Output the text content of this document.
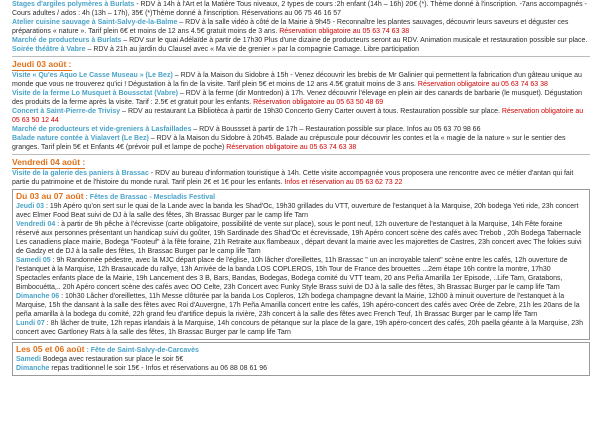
Stages d'argiles polymères à Burlats - RDV à 14h à l'Art et la Matière Tous niveaux, 2 types de cours :2h enfant (14h – 16h) 20€ (*). Thème donné à l'inscription. -7ans accompagnés - Cours adultes / ados : 4h (13h – 17h), 35€ (*)Thème donné à l'inscription. Réservations au 06 75 46 16 57

Atelier cuisine sauvage à Saint-Salvy-de-la-Balme – RDV à la salle vidéo à côté de la Mairie à 9h45 - Reconnaître les plantes sauvages, découvrir leurs saveurs et déguster ces préparations « nature ». Tarif plein 6€ et moins de 12 ans 4.5€ gratuit moins de 3 ans. Réservation obligatoire au 05 63 74 63 38

Marché de producteurs à Burlats – RDV sur le quai Adélaïde à partir de 17h30 Plus d'une dizaine de producteurs seront au RDV. Animation musicale et restauration possible sur place.

Soirée théâtre à Vabre – RDV à 21h au jardin du Clausel avec « Ma vie de grenier » par la compagnie Camage. Libre participation

Jeudi 03 août :

Visite « Qu'es Aquo Le Casse Museau » (Le Bez) – RDV à la Maison du Sidobre à 15h - Venez découvrir les brebis de Mr Galinier qui permettent la fabrication d'un gâteau unique au monde que vous ne trouverez qu'ici ! Dégustation à la fin de la visite. Tarif plein 5€ et moins de 12 ans 4.5€ gratuit moins de 3 ans. Réservation obligatoire au 05 63 74 63 38

Visite de la ferme Lo Musquet à Boussctat (Vabre) – RDV à la ferme (dir Montredon) à 17h. Venez découvrir l'élevage en plein air des canards de barbarie (le musquet). Dégustation des produits de la ferme après la visite. Tarif : 2.5€ et gratuit pour les enfants. Réservation obligatoire au 05 63 50 48 69

Concert à Saint-Pierre-de Trivisy – RDV au restaurant La Bibliotèca à partir de 19h30 Concerto Gerry Carter ouvert à tous. Restauration possible sur place. Réservation obligatoire au 05 63 50 12 44

Marché de producteurs et vide-greniers à Lasfaillades – RDV à Boussset à partir de 17h – Restauration possible sur place. Infos au 05 63 70 98 66

Balade nature contée à Vialavert (Le Bez) – RDV à la Maison du Sidobre à 20h45. Balade au crépuscule pour découvrir les contes et la « magie de la nature » sur le sentier des granges. Tarif plein 5€ et Enfants 4€ (prévoir pull et lampe de poche) Réservation obligatoire au 05 63 74 63 38

Vendredi 04 août :

Visite de la galerie des paniers à Brassac - RDV au bureau d'information touristique à 14h. Cette visite accompagnée vous proposera une rencontre avec ce métier d'antan qui fait partie du patrimoine et de l'histoire du monde rural. Tarif plein 2€ et 1€ pour les enfants. Infos et réservation au 05 63 62 73 22

Du 03 au 07 août : Fêtes de Brassac - Mescladis Festival

Jeudi 03 : 19h Apéro qu'on sert sur le quai de la Lande avec la banda les Shad'Oc, 19h30 grillades du VTT, ouverture de l'estanquet à la Marquise, 20h bodega Yeti ride, 23h concert avec Elmer Food Beat suivi de DJ à la salle des fêtes, 3h Brassac Burger par le camp life Tarn

Vendredi 04 : à partir de 9h pêche à l'écrevisse (carte obligatoire, possibilité de vente sur place), sous le pont neuf, 12h ouverture de l'estanquet à la Marquise, 14h Fête foraine réservé aux personnes présentant un handicap suivi du goûter, 19h Sardinade des Shad'Oc et écrevissade, 19h Apéro concert scène des cafés avec Trebob , 20h Bodega Tabernacle Les canadiens place mairie, Bodega "Footeuf" à la fête foraine, 21h Retraite aux flambeaux , départ devant la mairie avec les majorettes de Castres, 23h concert avec The fokies suivi de Gadzy et de DJ à la salle des fêtes, 1h Brassac Burger par le camp life Tarn

Samedi 05 : 9h Randonnée pédestre, avec la MJC départ place de l'église, 10h lâcher d'oreillettes, 11h Brassac " un an incroyable talent" scène entre les cafés, 12h ouverture de l'estanquet à la Marquise, 12h Brasaucade du rallye, 13h Arrivée de la banda LOS COPLEROS, 15h Tour de France des brouettes ...2em étape 16h contre la montre, 17h30 Spectacles enfants place de la Mairie, 19h Lancement des 3 B, Bars, Bandas, Bodegas, Bodega comité du VTT team, 20 ans Peña Amarilla 1er Episode, ..Life Tarn, Gratabons, Bimbocuétta,.. 20h Apéro concert scène des cafés avec OO Celte, 23h Concert avec Funky Style Brass suivi de DJ à la salle des fêtes, 3h Brassac Burger par le camp life Tarn

Dimanche 06 : 10h30 Lâcher d'oreillettes, 11h Messe clôturée par la banda Los Copleros, 12h bodega champagne devant la Mairie, 12h00 à minuit ouverture de l'estanquet à la Marquise, 15h the dansant à la salle des fêtes avec Roi d'Auvergne, 17h Peña Amarilla concert entre les cafés, 19h apéro-concert des cafés avec Orée de Zebre, 21h les 20ans de la peña amarilla à la bodega du comité, 22h grand feu d'artifice depuis la rivière, 23h concert à la salle des fêtes avec French Teuf, 1h Brassac Burger par le camp life Tarn

Lundi 07 : 8h lâcher de truite, 12h repas irlandais à la Marquise, 14h concours de pétanque sur la place de la gare, 19h apéro-concert des cafés, 20h paella géante à la Marquise, 23h concert avec Gartloney Rats à la salle des fêtes, 1h Brassac Burger par le camp life Tarn

Les 05 et 06 août : Fête de Saint-Salvy-de-Carcavès

Samedi Bodega avec restauration sur place le soir 5€

Dimanche repas traditionnel le soir 15€ - Infos et réservations au 06 88 08 61 96
